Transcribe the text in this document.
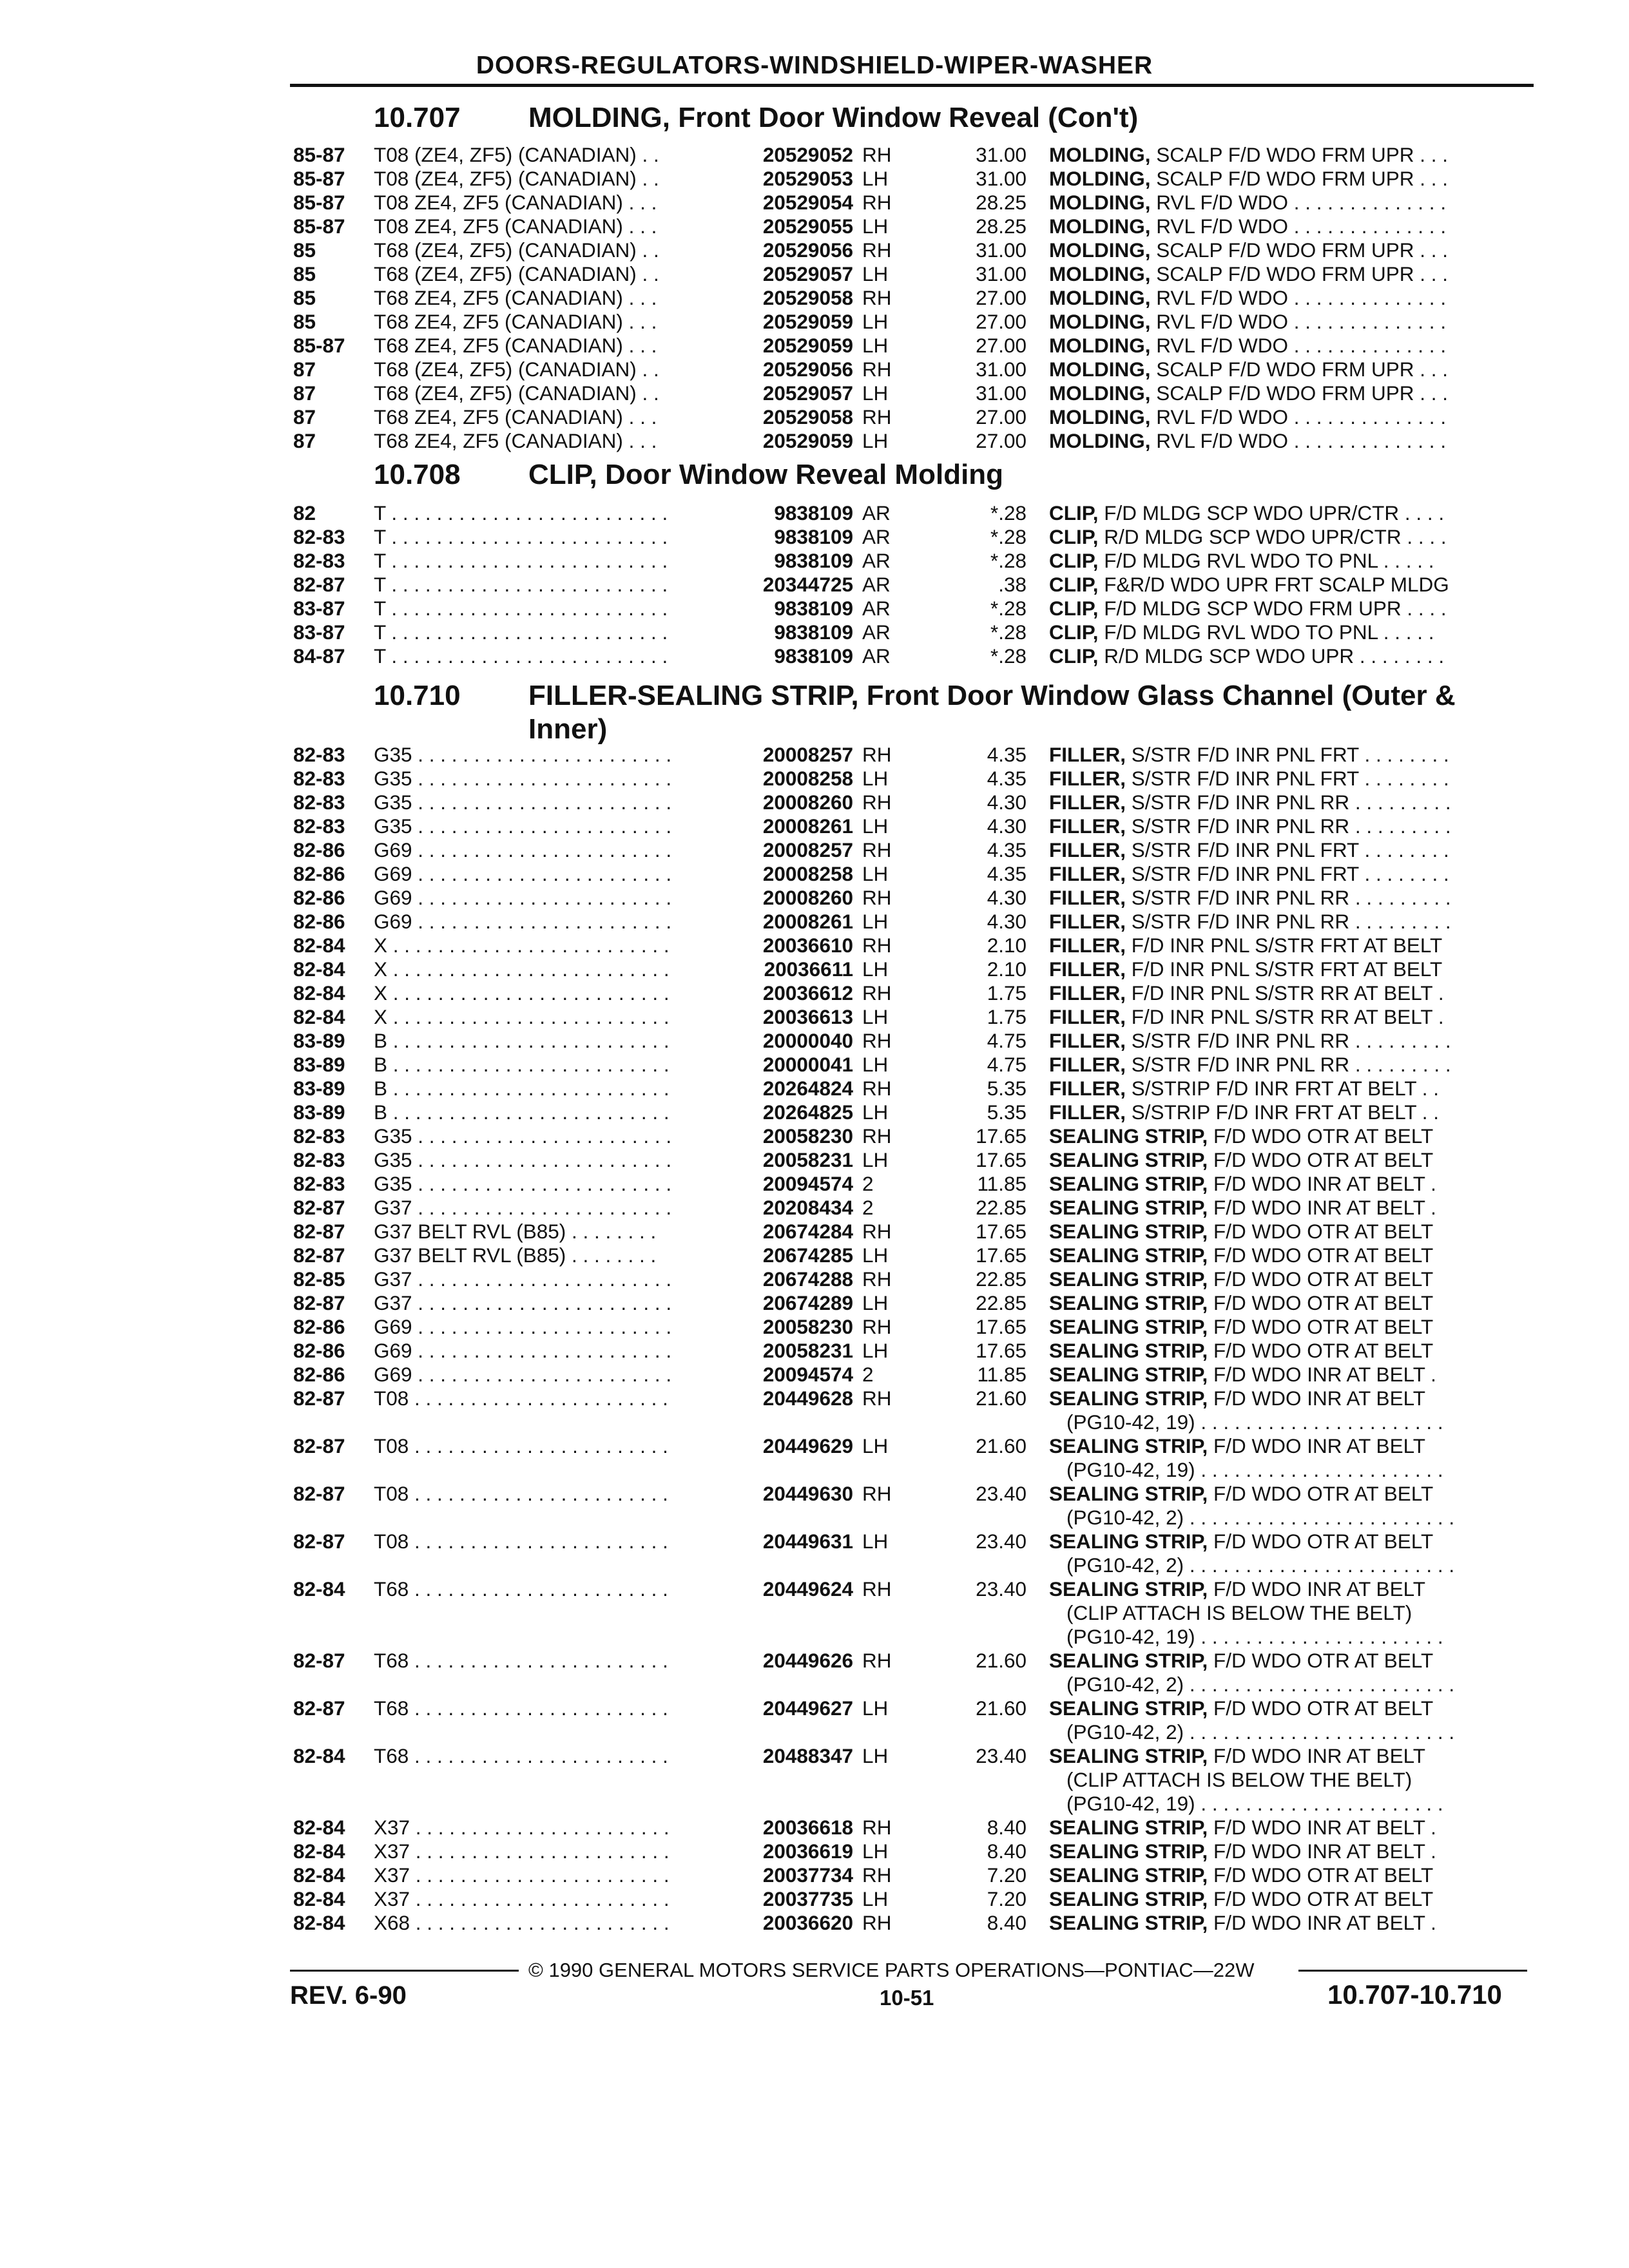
DOORS-REGULATORS-WINDSHIELD-WIPER-WASHER
10.707 MOLDING, Front Door Window Reveal (Con't)
85-87 T08 (ZE4, ZF5) (CANADIAN) . .	20529052 RH	31.00 MOLDING, SCALP F/D WDO FRM UPR . . .
85-87 T08 (ZE4, ZF5) (CANADIAN) . .	20529053 LH	31.00 MOLDING, SCALP F/D WDO FRM UPR . . .
85-87 T08 ZE4, ZF5 (CANADIAN) . . .	20529054 RH	28.25 MOLDING, RVL F/D WDO . . . . . . . . . . . . . .
85-87 T08 ZE4, ZF5 (CANADIAN) . . .	20529055 LH	28.25 MOLDING, RVL F/D WDO . . . . . . . . . . . . . .
85	T68 (ZE4, ZF5) (CANADIAN) . .	20529056 RH	31.00 MOLDING, SCALP F/D WDO FRM UPR . . .
85	T68 (ZE4, ZF5) (CANADIAN) . .	20529057 LH	31.00 MOLDING, SCALP F/D WDO FRM UPR . . .
85	T68 ZE4, ZF5 (CANADIAN) . . .	20529058 RH	27.00 MOLDING, RVL F/D WDO . . . . . . . . . . . . . .
85	T68 ZE4, ZF5 (CANADIAN) . . .	20529059 LH	27.00 MOLDING, RVL F/D WDO . . . . . . . . . . . . . .
85-87 T68 ZE4, ZF5 (CANADIAN) . . .	20529059 LH	27.00 MOLDING, RVL F/D WDO . . . . . . . . . . . . . .
87	T68 (ZE4, ZF5) (CANADIAN) . .	20529056 RH	31.00 MOLDING, SCALP F/D WDO FRM UPR . . .
87	T68 (ZE4, ZF5) (CANADIAN) . .	20529057 LH	31.00 MOLDING, SCALP F/D WDO FRM UPR . . .
87	T68 ZE4, ZF5 (CANADIAN) . . .	20529058 RH	27.00 MOLDING, RVL F/D WDO . . . . . . . . . . . . . .
87	T68 ZE4, ZF5 (CANADIAN) . . .	20529059 LH	27.00 MOLDING, RVL F/D WDO . . . . . . . . . . . . . .
10.708 CLIP, Door Window Reveal Molding
82	T . . . . . . . . . . . . . . . . . . . . . . . . .	9838109 AR	*.28 CLIP, F/D MLDG SCP WDO UPR/CTR . . . .
82-83 T . . . . . . . . . . . . . . . . . . . . . . . . .	9838109 AR	*.28 CLIP, R/D MLDG SCP WDO UPR/CTR . . . .
82-83 T . . . . . . . . . . . . . . . . . . . . . . . . .	9838109 AR	*.28 CLIP, F/D MLDG RVL WDO TO PNL . . . . .
82-87 T . . . . . . . . . . . . . . . . . . . . . . . . .	20344725 AR	.38 CLIP, F&R/D WDO UPR FRT SCALP MLDG
83-87 T . . . . . . . . . . . . . . . . . . . . . . . . .	9838109 AR	*.28 CLIP, F/D MLDG SCP WDO FRM UPR . . . .
83-87 T . . . . . . . . . . . . . . . . . . . . . . . . .	9838109 AR	*.28 CLIP, F/D MLDG RVL WDO TO PNL . . . . .
84-87 T . . . . . . . . . . . . . . . . . . . . . . . . .	9838109 AR	*.28 CLIP, R/D MLDG SCP WDO UPR . . . . . . . .
10.710 FILLER-SEALING STRIP, Front Door Window Glass Channel (Outer &
Inner)
82-83 G35 . . . . . . . . . . . . . . . . . . . . . . .	20008257 RH	4.35 FILLER, S/STR F/D INR PNL FRT . . . . . . . .
82-83 G35 . . . . . . . . . . . . . . . . . . . . . . .	20008258 LH	4.35 FILLER, S/STR F/D INR PNL FRT . . . . . . . .
82-83 G35 . . . . . . . . . . . . . . . . . . . . . . .	20008260 RH	4.30 FILLER, S/STR F/D INR PNL RR . . . . . . . . .
82-83 G35 . . . . . . . . . . . . . . . . . . . . . . .	20008261 LH	4.30 FILLER, S/STR F/D INR PNL RR . . . . . . . . .
82-86 G69 . . . . . . . . . . . . . . . . . . . . . . .	20008257 RH	4.35 FILLER, S/STR F/D INR PNL FRT . . . . . . . .
82-86 G69 . . . . . . . . . . . . . . . . . . . . . . .	20008258 LH	4.35 FILLER, S/STR F/D INR PNL FRT . . . . . . . .
82-86 G69 . . . . . . . . . . . . . . . . . . . . . . .	20008260 RH	4.30 FILLER, S/STR F/D INR PNL RR . . . . . . . . .
82-86 G69 . . . . . . . . . . . . . . . . . . . . . . .	20008261 LH	4.30 FILLER, S/STR F/D INR PNL RR . . . . . . . . .
82-84 X . . . . . . . . . . . . . . . . . . . . . . . . .	20036610 RH	2.10 FILLER, F/D INR PNL S/STR FRT AT BELT
82-84 X . . . . . . . . . . . . . . . . . . . . . . . . .	20036611 LH	2.10 FILLER, F/D INR PNL S/STR FRT AT BELT
82-84 X . . . . . . . . . . . . . . . . . . . . . . . . .	20036612 RH	1.75 FILLER, F/D INR PNL S/STR RR AT BELT .
82-84 X . . . . . . . . . . . . . . . . . . . . . . . . .	20036613 LH	1.75 FILLER, F/D INR PNL S/STR RR AT BELT .
83-89 B . . . . . . . . . . . . . . . . . . . . . . . . .	20000040 RH	4.75 FILLER, S/STR F/D INR PNL RR . . . . . . . . .
83-89 B . . . . . . . . . . . . . . . . . . . . . . . . .	20000041 LH	4.75 FILLER, S/STR F/D INR PNL RR . . . . . . . . .
83-89 B . . . . . . . . . . . . . . . . . . . . . . . . .	20264824 RH	5.35 FILLER, S/STRIP F/D INR FRT AT BELT . .
83-89 B . . . . . . . . . . . . . . . . . . . . . . . . .	20264825 LH	5.35 FILLER, S/STRIP F/D INR FRT AT BELT . .
82-83 G35 . . . . . . . . . . . . . . . . . . . . . . .	20058230 RH	17.65 SEALING STRIP, F/D WDO OTR AT BELT
82-83 G35 . . . . . . . . . . . . . . . . . . . . . . .	20058231 LH	17.65 SEALING STRIP, F/D WDO OTR AT BELT
82-83 G35 . . . . . . . . . . . . . . . . . . . . . . .	20094574 2	11.85 SEALING STRIP, F/D WDO INR AT BELT .
82-87 G37 . . . . . . . . . . . . . . . . . . . . . . .	20208434 2	22.85 SEALING STRIP, F/D WDO INR AT BELT .
82-87 G37 BELT RVL (B85) . . . . . . . .	20674284 RH	17.65 SEALING STRIP, F/D WDO OTR AT BELT
82-87 G37 BELT RVL (B85) . . . . . . . .	20674285 LH	17.65 SEALING STRIP, F/D WDO OTR AT BELT
82-85 G37 . . . . . . . . . . . . . . . . . . . . . . .	20674288 RH	22.85 SEALING STRIP, F/D WDO OTR AT BELT
82-87 G37 . . . . . . . . . . . . . . . . . . . . . . .	20674289 LH	22.85 SEALING STRIP, F/D WDO OTR AT BELT
82-86 G69 . . . . . . . . . . . . . . . . . . . . . . .	20058230 RH	17.65 SEALING STRIP, F/D WDO OTR AT BELT
82-86 G69 . . . . . . . . . . . . . . . . . . . . . . .	20058231 LH	17.65 SEALING STRIP, F/D WDO OTR AT BELT
82-86 G69 . . . . . . . . . . . . . . . . . . . . . . .	20094574 2	11.85 SEALING STRIP, F/D WDO INR AT BELT .
82-87 T08 . . . . . . . . . . . . . . . . . . . . . . .	20449628 RH	21.60 SEALING STRIP, F/D WDO INR AT BELT
(PG10-42, 19) . . . . . . . . . . . . . . . . . . . . . .
82-87 T08 . . . . . . . . . . . . . . . . . . . . . . .	20449629 LH	21.60 SEALING STRIP, F/D WDO INR AT BELT
(PG10-42, 19) . . . . . . . . . . . . . . . . . . . . . .
82-87 T08 . . . . . . . . . . . . . . . . . . . . . . .	20449630 RH	23.40 SEALING STRIP, F/D WDO OTR AT BELT
(PG10-42, 2) . . . . . . . . . . . . . . . . . . . . . . . .
82-87 T08 . . . . . . . . . . . . . . . . . . . . . . .	20449631 LH	23.40 SEALING STRIP, F/D WDO OTR AT BELT
(PG10-42, 2) . . . . . . . . . . . . . . . . . . . . . . . .
82-84 T68 . . . . . . . . . . . . . . . . . . . . . . .	20449624 RH	23.40 SEALING STRIP, F/D WDO INR AT BELT
(CLIP ATTACH IS BELOW THE BELT)
(PG10-42, 19) . . . . . . . . . . . . . . . . . . . . . .
82-87 T68 . . . . . . . . . . . . . . . . . . . . . . .	20449626 RH	21.60 SEALING STRIP, F/D WDO OTR AT BELT
(PG10-42, 2) . . . . . . . . . . . . . . . . . . . . . . . .
82-87 T68 . . . . . . . . . . . . . . . . . . . . . . .	20449627 LH	21.60 SEALING STRIP, F/D WDO OTR AT BELT
(PG10-42, 2) . . . . . . . . . . . . . . . . . . . . . . . .
82-84 T68 . . . . . . . . . . . . . . . . . . . . . . .	20488347 LH	23.40 SEALING STRIP, F/D WDO INR AT BELT
(CLIP ATTACH IS BELOW THE BELT)
(PG10-42, 19) . . . . . . . . . . . . . . . . . . . . . .
82-84 X37 . . . . . . . . . . . . . . . . . . . . . . .	20036618 RH	8.40 SEALING STRIP, F/D WDO INR AT BELT .
82-84 X37 . . . . . . . . . . . . . . . . . . . . . . .	20036619 LH	8.40 SEALING STRIP, F/D WDO INR AT BELT .
82-84 X37 . . . . . . . . . . . . . . . . . . . . . . .	20037734 RH	7.20 SEALING STRIP, F/D WDO OTR AT BELT
82-84 X37 . . . . . . . . . . . . . . . . . . . . . . .	20037735 LH	7.20 SEALING STRIP, F/D WDO OTR AT BELT
82-84 X68 . . . . . . . . . . . . . . . . . . . . . . .	20036620 RH	8.40 SEALING STRIP, F/D WDO INR AT BELT .
© 1990 GENERAL MOTORS SERVICE PARTS OPERATIONS—PONTIAC—22W
REV. 6-90	10-51	10.707-10.710
